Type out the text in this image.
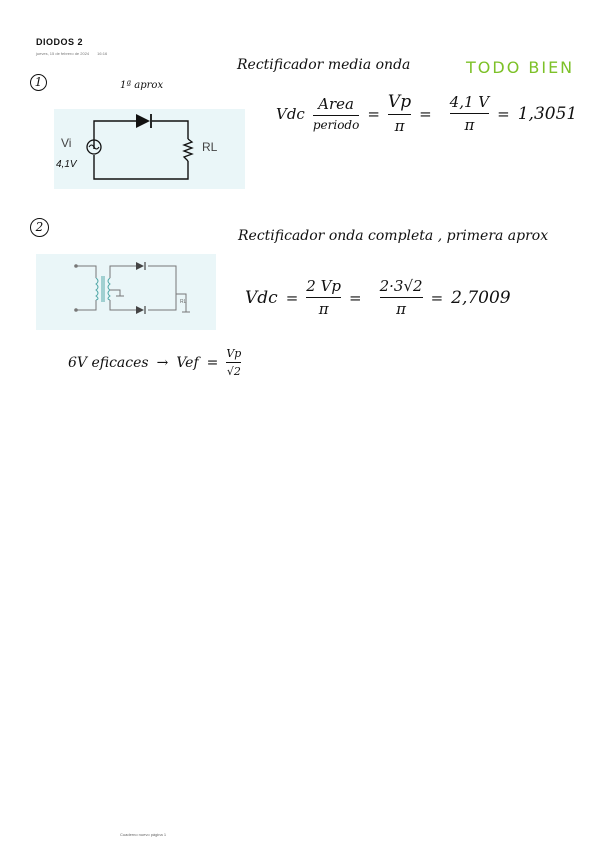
DIODOS 2
jueves, 15 de febrero de 2024 16:16
1	1ª aprox
Vi	RL
4,1V
Rectificador media onda	TODO BIEN
Vdc $\frac{\text{Area}}{\text{periodo}} = \frac{Vp}{\pi} = \frac{4,1 V}{\pi} = 1,3051$
2
RL
Rectificador onda completa , primera aprox
Vdc = $\frac{2 Vp}{\pi} = \frac{2\cdot 3√2}{\pi} = 2,7009$
6V eficaces → Vef = $\frac{Vp}{√2}$
Cuaderno nuevo página 1
